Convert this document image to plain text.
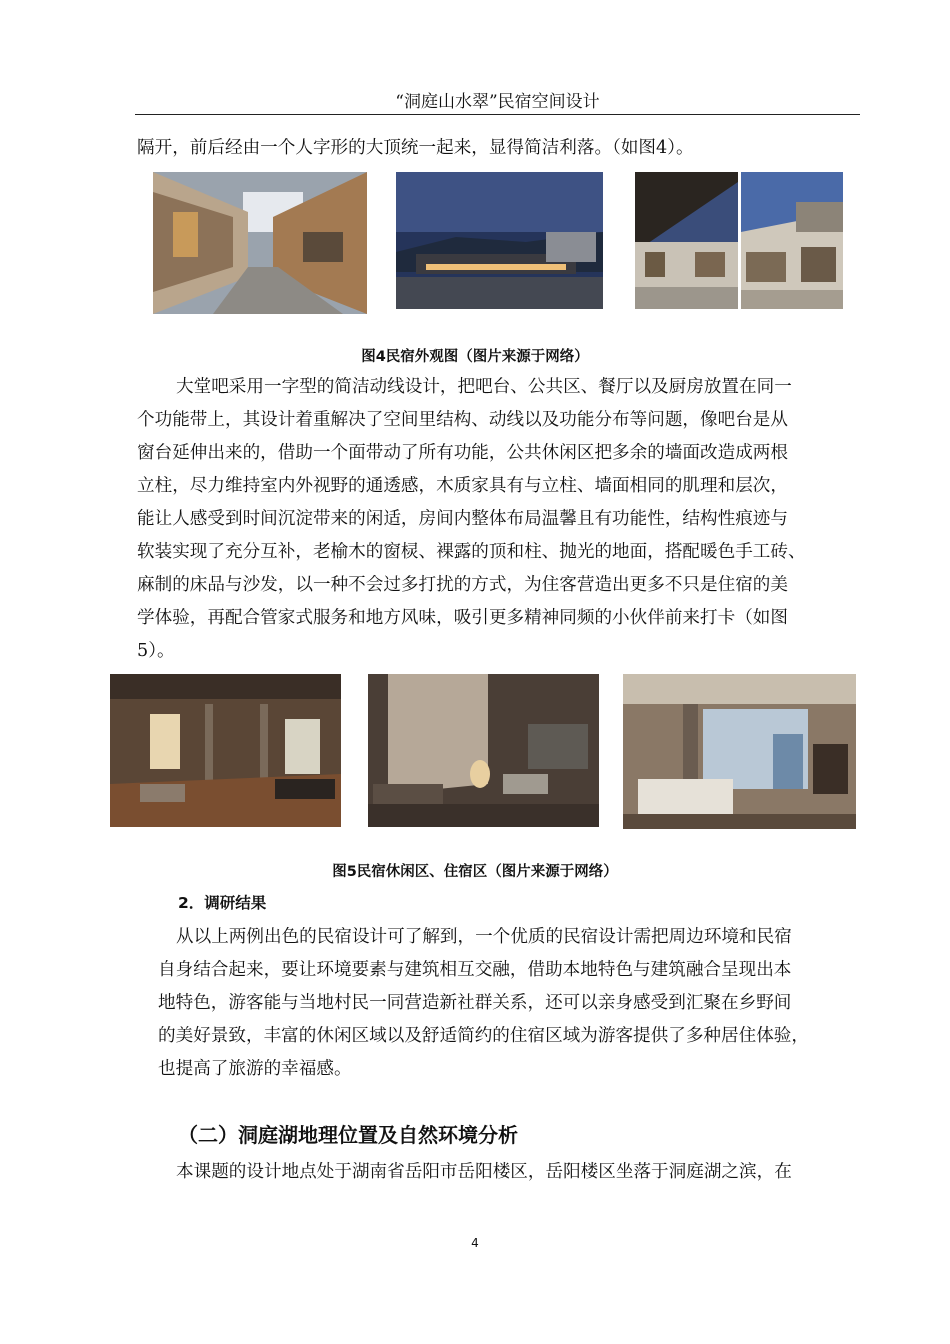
“洞庭山水翠”民宿空间设计
隔开，前后经由一个人字形的大顶统一起来，显得简洁利落。（如图4）。
图4民宿外观图（图片来源于网络）
大堂吧采用一字型的简洁动线设计，把吧台、公共区、餐厅以及厨房放置在同一
个功能带上，其设计着重解决了空间里结构、动线以及功能分布等问题，像吧台是从
窗台延伸出来的，借助一个面带动了所有功能，公共休闲区把多余的墙面改造成两根
立柱，尽力维持室内外视野的通透感，木质家具有与立柱、墙面相同的肌理和层次，
能让人感受到时间沉淀带来的闲适，房间内整体布局温馨且有功能性，结构性痕迹与
软装实现了充分互补，老榆木的窗棂、裸露的顶和柱、抛光的地面，搭配暖色手工砖、
麻制的床品与沙发，以一种不会过多打扰的方式，为住客营造出更多不只是住宿的美
学体验，再配合管家式服务和地方风味，吸引更多精神同频的小伙伴前来打卡（如图
5）。
图5民宿休闲区、住宿区（图片来源于网络）
2．调研结果
从以上两例出色的民宿设计可了解到，一个优质的民宿设计需把周边环境和民宿
自身结合起来，要让环境要素与建筑相互交融，借助本地特色与建筑融合呈现出本
地特色，游客能与当地村民一同营造新社群关系，还可以亲身感受到汇聚在乡野间
的美好景致，丰富的休闲区域以及舒适简约的住宿区域为游客提供了多种居住体验，
也提高了旅游的幸福感。
（二）洞庭湖地理位置及自然环境分析
本课题的设计地点处于湖南省岳阳市岳阳楼区，岳阳楼区坐落于洞庭湖之滨，在
4
